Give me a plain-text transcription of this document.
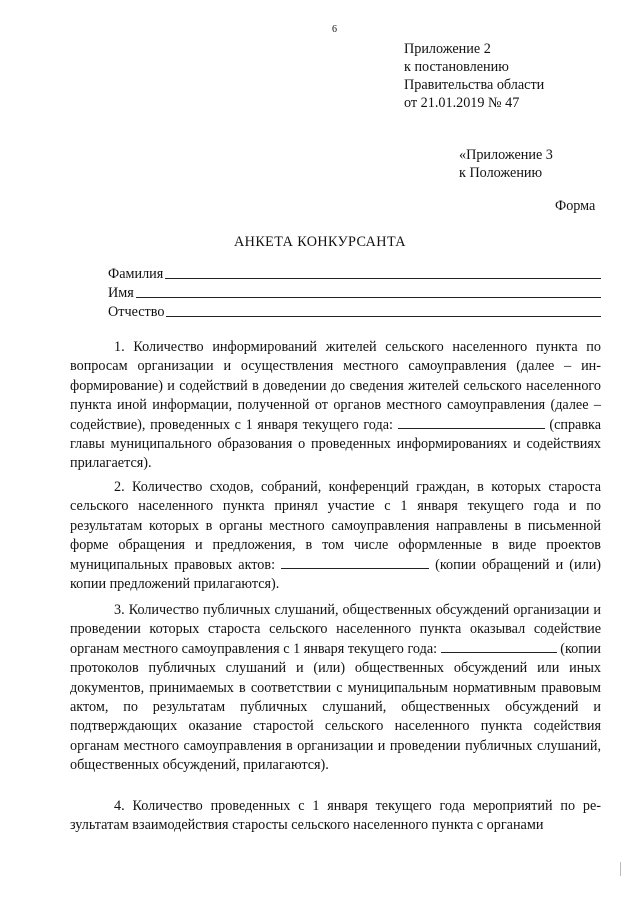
6
Приложение 2
к постановлению
Правительства области
от 21.01.2019 № 47
«Приложение 3
к Положению
Форма
АНКЕТА КОНКУРСАНТА
Фамилия
Имя
Отчество

1. Количество информирований жителей сельского населенного пункта по вопросам организации и осуществления местного самоуправления (далее – информирование) и содействий в доведении до сведения жителей сельского населенного пункта иной информации, полученной от органов местного самоуправления (далее – содействие), проведенных с 1 января текущего года:	(справка главы муниципального образования о проведенных информированиях и содействиях прилагается).

2. Количество сходов, собраний, конференций граждан, в которых староста сельского населенного пункта принял участие с 1 января текущего года и по результатам которых в органы местного самоуправления направлены в письменной форме обращения и предложения, в том числе оформленные в виде проектов муниципальных правовых актов:	(копии обращений и (или) копии предложений прилагаются).

3. Количество публичных слушаний, общественных обсуждений организации и проведении которых староста сельского населенного пункта оказывал содействие органам местного самоуправления с 1 января текущего года:	(копии протоколов публичных слушаний и (или) общественных обсуждений или иных документов, принимаемых в соответствии с муниципальным нормативным правовым актом, по результатам публичных слушаний, общественных обсуждений и подтверждающих оказание старостой сельского населенного пункта содействия органам местного самоуправления в организации и проведении публичных слушаний, общественных обсуждений, прилагаются).

4. Количество проведенных с 1 января текущего года мероприятий по результатам взаимодействия старосты сельского населенного пункта с органами
